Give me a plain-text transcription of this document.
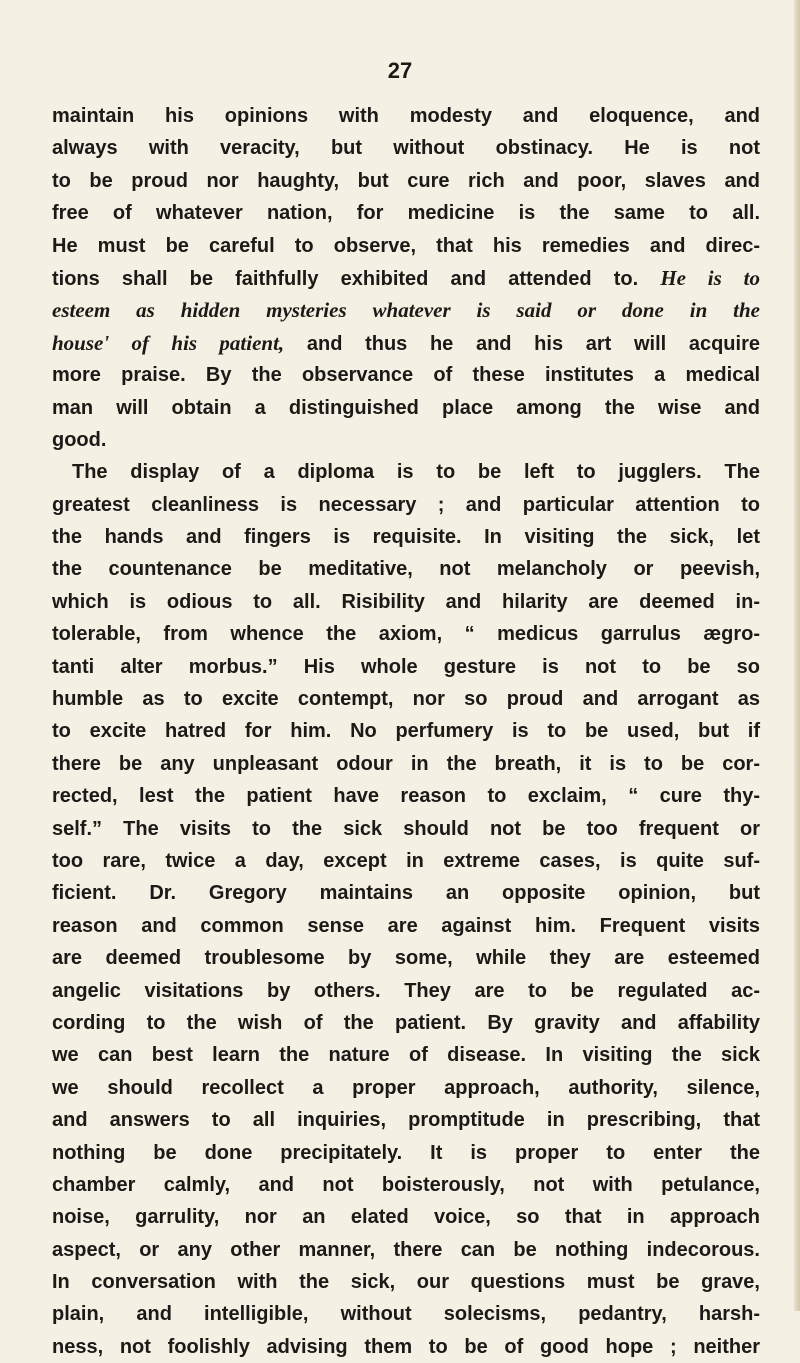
27
maintain his opinions with modesty and eloquence, and
always with veracity, but without obstinacy. He is not
to be proud nor haughty, but cure rich and poor, slaves and
free of whatever nation, for medicine is the same to all.
He must be careful to observe, that his remedies and direc-
tions shall be faithfully exhibited and attended to. He is to
esteem as hidden mysteries whatever is said or done in the
house' of his patient, and thus he and his art will acquire
more praise. By the observance of these institutes a medical
man will obtain a distinguished place among the wise and
good.
The display of a diploma is to be left to jugglers. The
greatest cleanliness is necessary ; and particular attention to
the hands and fingers is requisite. In visiting the sick, let
the countenance be meditative, not melancholy or peevish,
which is odious to all. Risibility and hilarity are deemed in-
tolerable, from whence the axiom, “ medicus garrulus ægro-
tanti alter morbus.” His whole gesture is not to be so
humble as to excite contempt, nor so proud and arrogant as
to excite hatred for him. No perfumery is to be used, but if
there be any unpleasant odour in the breath, it is to be cor-
rected, lest the patient have reason to exclaim, “ cure thy-
self.” The visits to the sick should not be too frequent or
too rare, twice a day, except in extreme cases, is quite suf-
ficient. Dr. Gregory maintains an opposite opinion, but
reason and common sense are against him. Frequent visits
are deemed troublesome by some, while they are esteemed
angelic visitations by others. They are to be regulated ac-
cording to the wish of the patient. By gravity and affability
we can best learn the nature of disease. In visiting the sick
we should recollect a proper approach, authority, silence,
and answers to all inquiries, promptitude in prescribing, that
nothing be done precipitately. It is proper to enter the
chamber calmly, and not boisterously, not with petulance,
noise, garrulity, nor an elated voice, so that in approach
aspect, or any other manner, there can be nothing indecorous.
In conversation with the sick, our questions must be grave,
plain, and intelligible, without solecisms, pedantry, harsh-
ness, not foolishly advising them to be of good hope ; neither
